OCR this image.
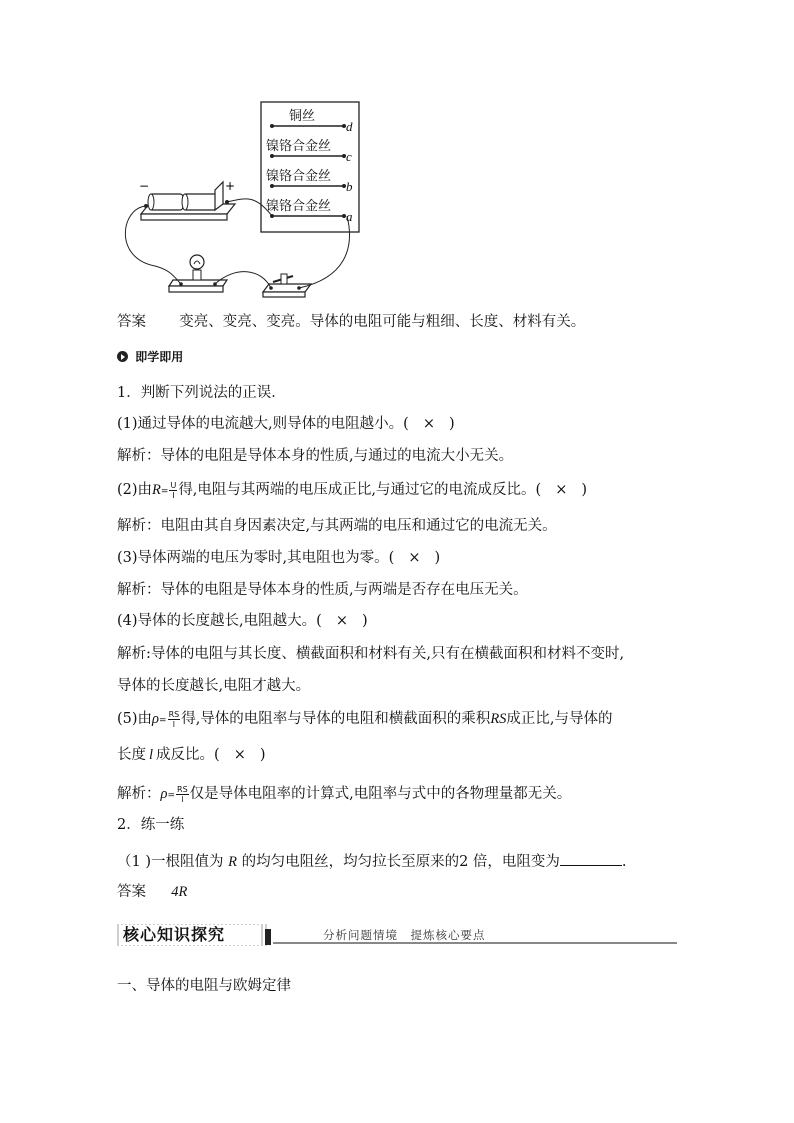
铜丝
镍铬合金丝
镍铬合金丝
镍铬合金丝
d
c
b
a
−	+
答案 变亮、变亮、变亮。导体的电阻可能与粗细、长度、材料有关。
即学即用
1．判断下列说法的正误．
(1)通过导体的电流越大,则导体的电阻越小。( × )
解析：导体的电阻是导体本身的性质,与通过的电流大小无关。
(2)由$R= \frac{U}{I}$ 得,电阻与其两端的电压成正比,与通过它的电流成反比。( × )
解析：电阻由其自身因素决定,与其两端的电压和通过它的电流无关。
(3)导体两端的电压为零时,其电阻也为零。( × )
解析：导体的电阻是导体本身的性质,与两端是否存在电压无关。
(4)导体的长度越长,电阻越大。( × )
解析:导体的电阻与其长度、横截面积和材料有关,只有在横截面积和材料不变时,
导体的长度越长,电阻才越大。
(5)由$\rho= \frac{RS}{l}$ 得,导体的电阻率与导体的电阻和横截面积的乘积RS成正比,与导体的
长度 l 成反比。( × )
解析：$\rho= \frac{RS}{l}$ 仅是导体电阻率的计算式,电阻率与式中的各物理量都无关。
2．练一练
（1 )一根阻值为 R 的均匀电阻丝，均匀拉长至原来的2 倍，电阻变为	.
答案 4R
核心知识探究	分析问题情境　提炼核心要点
一、导体的电阻与欧姆定律
